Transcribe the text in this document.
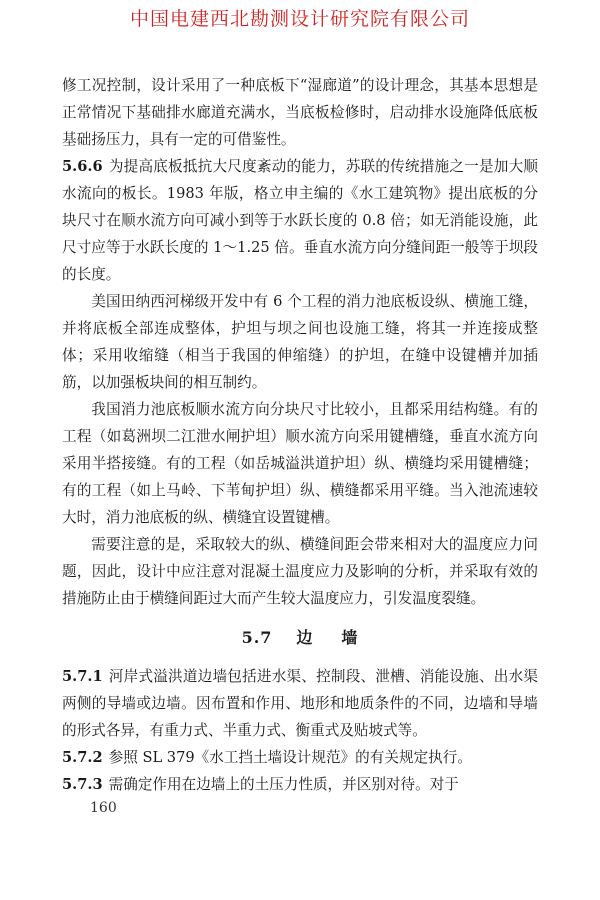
中国电建西北勘测设计研究院有限公司

修工况控制，设计采用了一种底板下“湿廊道”的设计理念，其基本思想是正常情况下基础排水廊道充满水，当底板检修时，启动排水设施降低底板基础扬压力，具有一定的可借鉴性。

5.6.6 为提高底板抵抗大尺度紊动的能力，苏联的传统措施之一是加大顺水流向的板长。1983 年版，格立申主编的《水工建筑物》提出底板的分块尺寸在顺水流方向可减小到等于水跃长度的 0.8 倍；如无消能设施，此尺寸应等于水跃长度的 1～1.25 倍。垂直水流方向分缝间距一般等于坝段的长度。

美国田纳西河梯级开发中有 6 个工程的消力池底板设纵、横施工缝，并将底板全部连成整体，护坦与坝之间也设施工缝，将其一并连接成整体；采用收缩缝（相当于我国的伸缩缝）的护坦，在缝中设键槽并加插筋，以加强板块间的相互制约。

我国消力池底板顺水流方向分块尺寸比较小，且都采用结构缝。有的工程（如葛洲坝二江泄水闸护坦）顺水流方向采用键槽缝，垂直水流方向采用半搭接缝。有的工程（如岳城溢洪道护坦）纵、横缝均采用键槽缝；有的工程（如上马岭、下苇甸护坦）纵、横缝都采用平缝。当入池流速较大时，消力池底板的纵、横缝宜设置键槽。

需要注意的是，采取较大的纵、横缝间距会带来相对大的温度应力问题，因此，设计中应注意对混凝土温度应力及影响的分析，并采取有效的措施防止由于横缝间距过大而产生较大温度应力，引发温度裂缝。

5.7 边 墙

5.7.1 河岸式溢洪道边墙包括进水渠、控制段、泄槽、消能设施、出水渠两侧的导墙或边墙。因布置和作用、地形和地质条件的不同，边墙和导墙的形式各异，有重力式、半重力式、衡重式及贴坡式等。

5.7.2 参照 SL 379《水工挡土墙设计规范》的有关规定执行。

5.7.3 需确定作用在边墙上的土压力性质，并区别对待。对于

160
